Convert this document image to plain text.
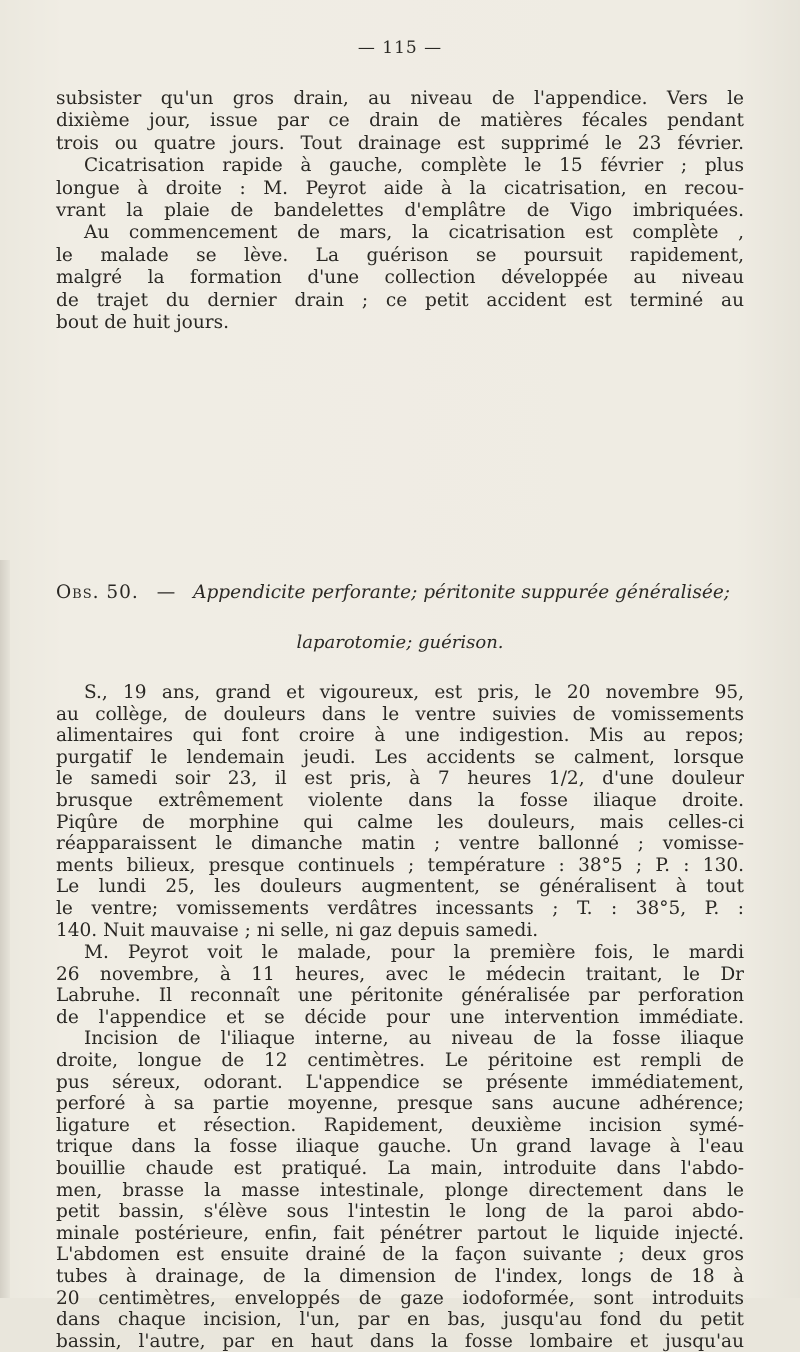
— 115 —
subsister qu'un gros drain, au niveau de l'appendice. Vers le
dixième jour, issue par ce drain de matières fécales pendant
trois ou quatre jours. Tout drainage est supprimé le 23 février.
Cicatrisation rapide à gauche, complète le 15 février ; plus
longue à droite : M. Peyrot aide à la cicatrisation, en recou-
vrant la plaie de bandelettes d'emplâtre de Vigo imbriquées.
Au commencement de mars, la cicatrisation est complète ,
le malade se lève. La guérison se poursuit rapidement,
malgré la formation d'une collection développée au niveau
de trajet du dernier drain ; ce petit accident est terminé au
bout de huit jours.
Obs. 50. — Appendicite perforante; péritonite suppurée généralisée;
laparotomie; guérison.
S., 19 ans, grand et vigoureux, est pris, le 20 novembre 95,
au collège, de douleurs dans le ventre suivies de vomissements
alimentaires qui font croire à une indigestion. Mis au repos;
purgatif le lendemain jeudi. Les accidents se calment, lorsque
le samedi soir 23, il est pris, à 7 heures 1/2, d'une douleur
brusque extrêmement violente dans la fosse iliaque droite.
Piqûre de morphine qui calme les douleurs, mais celles-ci
réapparaissent le dimanche matin ; ventre ballonné ; vomisse-
ments bilieux, presque continuels ; température : 38°5 ; P. : 130.
Le lundi 25, les douleurs augmentent, se généralisent à tout
le ventre; vomissements verdâtres incessants ; T. : 38°5, P. :
140. Nuit mauvaise ; ni selle, ni gaz depuis samedi.
M. Peyrot voit le malade, pour la première fois, le mardi
26 novembre, à 11 heures, avec le médecin traitant, le Dr
Labruhe. Il reconnaît une péritonite généralisée par perforation
de l'appendice et se décide pour une intervention immédiate.
Incision de l'iliaque interne, au niveau de la fosse iliaque
droite, longue de 12 centimètres. Le péritoine est rempli de
pus séreux, odorant. L'appendice se présente immédiatement,
perforé à sa partie moyenne, presque sans aucune adhérence;
ligature et résection. Rapidement, deuxième incision symé-
trique dans la fosse iliaque gauche. Un grand lavage à l'eau
bouillie chaude est pratiqué. La main, introduite dans l'abdo-
men, brasse la masse intestinale, plonge directement dans le
petit bassin, s'élève sous l'intestin le long de la paroi abdo-
minale postérieure, enfin, fait pénétrer partout le liquide injecté.
L'abdomen est ensuite drainé de la façon suivante ; deux gros
tubes à drainage, de la dimension de l'index, longs de 18 à
20 centimètres, enveloppés de gaze iodoformée, sont introduits
dans chaque incision, l'un, par en bas, jusqu'au fond du petit
bassin, l'autre, par en haut dans la fosse lombaire et jusqu'au
